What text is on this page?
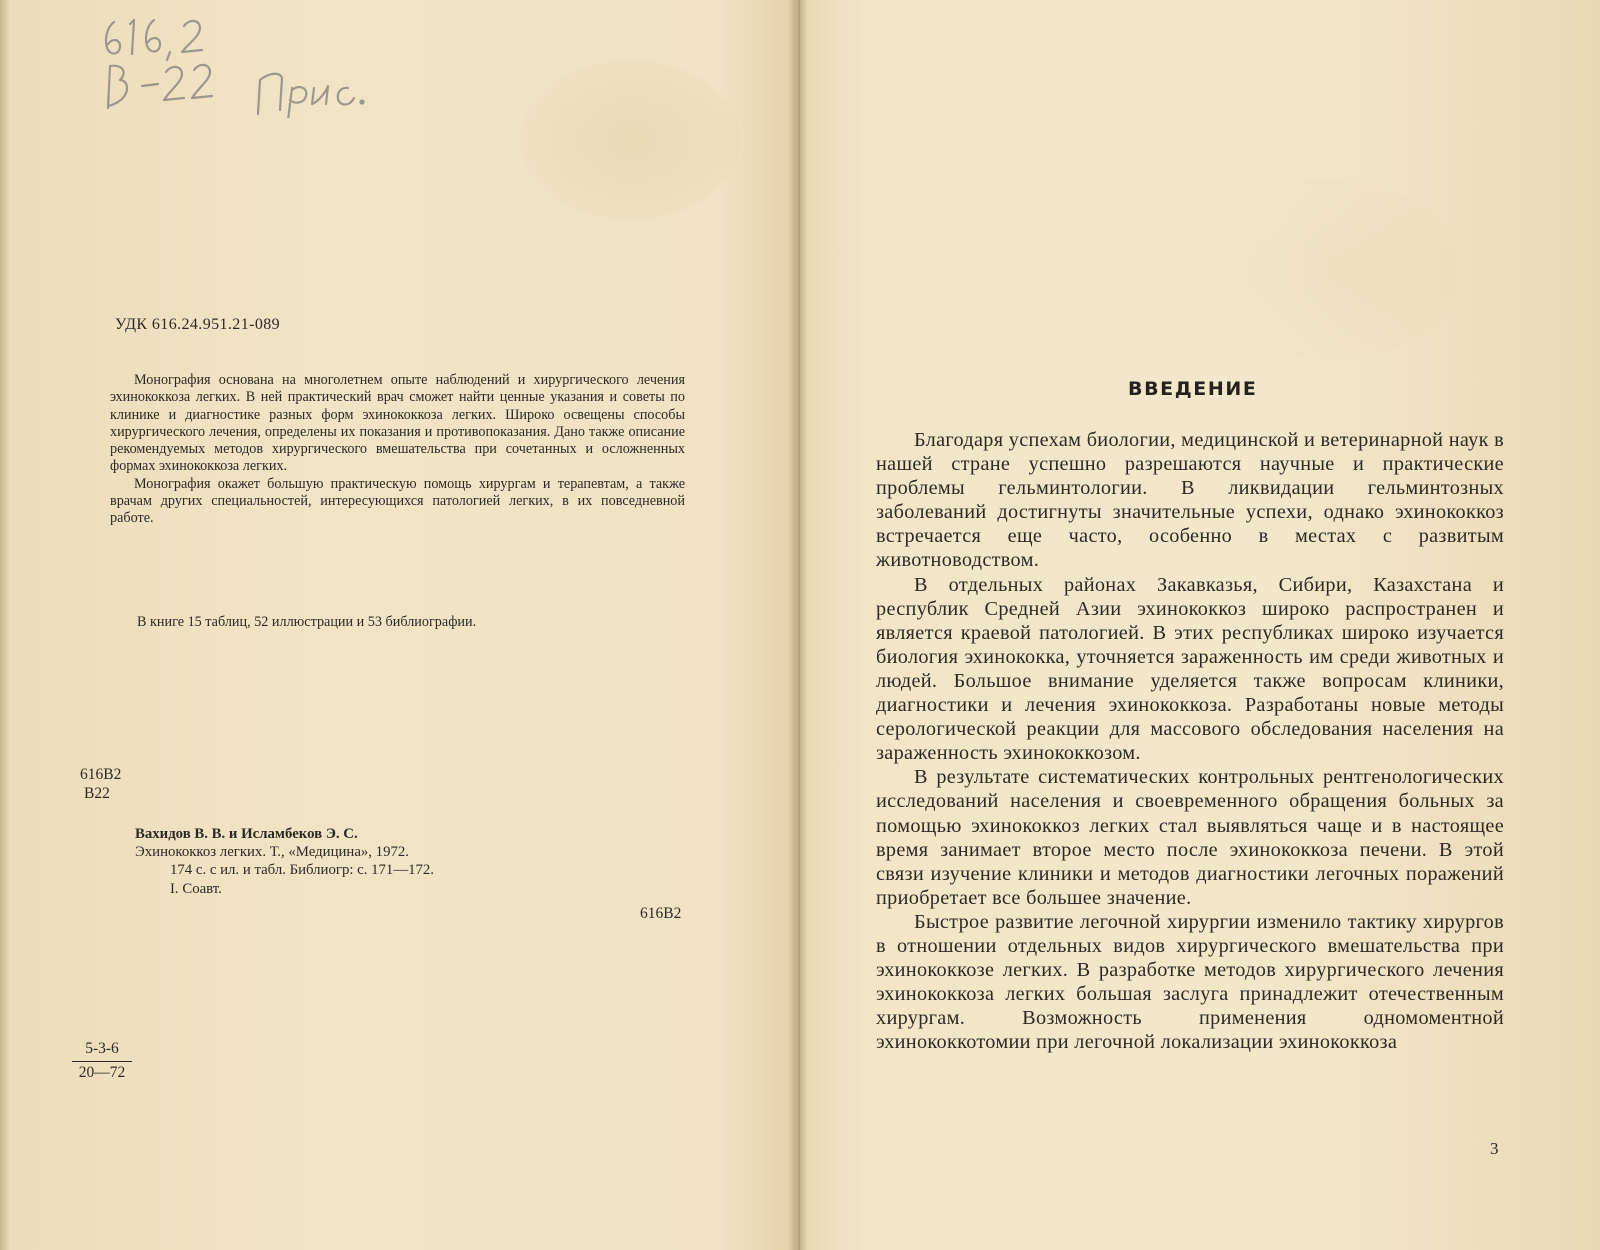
УДК 616.24.951.21-089

Монография основана на многолетнем опыте наблюдений и хирургического лечения эхинококкоза легких. В ней практический врач сможет найти ценные указания и советы по клинике и диагностике разных форм эхинококкоза легких. Широко освещены способы хирургического лечения, определены их показания и противопоказания. Дано также описание рекомендуемых методов хирургического вмешательства при сочетанных и осложненных формах эхинококкоза легких.

Монография окажет большую практическую помощь хирургам и терапевтам, а также врачам других специальностей, интересующихся патологией легких, в их повседневной работе.

В книге 15 таблиц, 52 иллюстрации и 53 библиографии.

616В2
В22
Вахидов В. В. и Исламбеков Э. С.
Эхинококкоз легких. Т., «Медицина», 1972.
174 с. с ил. и табл. Библиогр: с. 171—172.
I. Соавт.
616В2
$\frac{5-3-6}{20—72}$
ВВЕДЕНИЕ

Благодаря успехам биологии, медицинской и ветеринарной наук в нашей стране успешно разрешаются научные и практические проблемы гельминтологии. В ликвидации гельминтозных заболеваний достигнуты значительные успехи, однако эхинококкоз встречается еще часто, особенно в местах с развитым животноводством.

В отдельных районах Закавказья, Сибири, Казахстана и республик Средней Азии эхинококкоз широко распространен и является краевой патологией. В этих республиках широко изучается биология эхинококка, уточняется зараженность им среди животных и людей. Большое внимание уделяется также вопросам клиники, диагностики и лечения эхинококкоза. Разработаны новые методы серологической реакции для массового обследования населения на зараженность эхинококкозом.

В результате систематических контрольных рентгенологических исследований населения и своевременного обращения больных за помощью эхинококкоз легких стал выявляться чаще и в настоящее время занимает второе место после эхинококкоза печени. В этой связи изучение клиники и методов диагностики легочных поражений приобретает все большее значение.

Быстрое развитие легочной хирургии изменило тактику хирургов в отношении отдельных видов хирургического вмешательства при эхинококкозе легких. В разработке методов хирургического лечения эхинококкоза легких большая заслуга принадлежит отечественным хирургам. Возможность применения одномоментной эхинококкотомии при легочной локализации эхинококкоза

3
